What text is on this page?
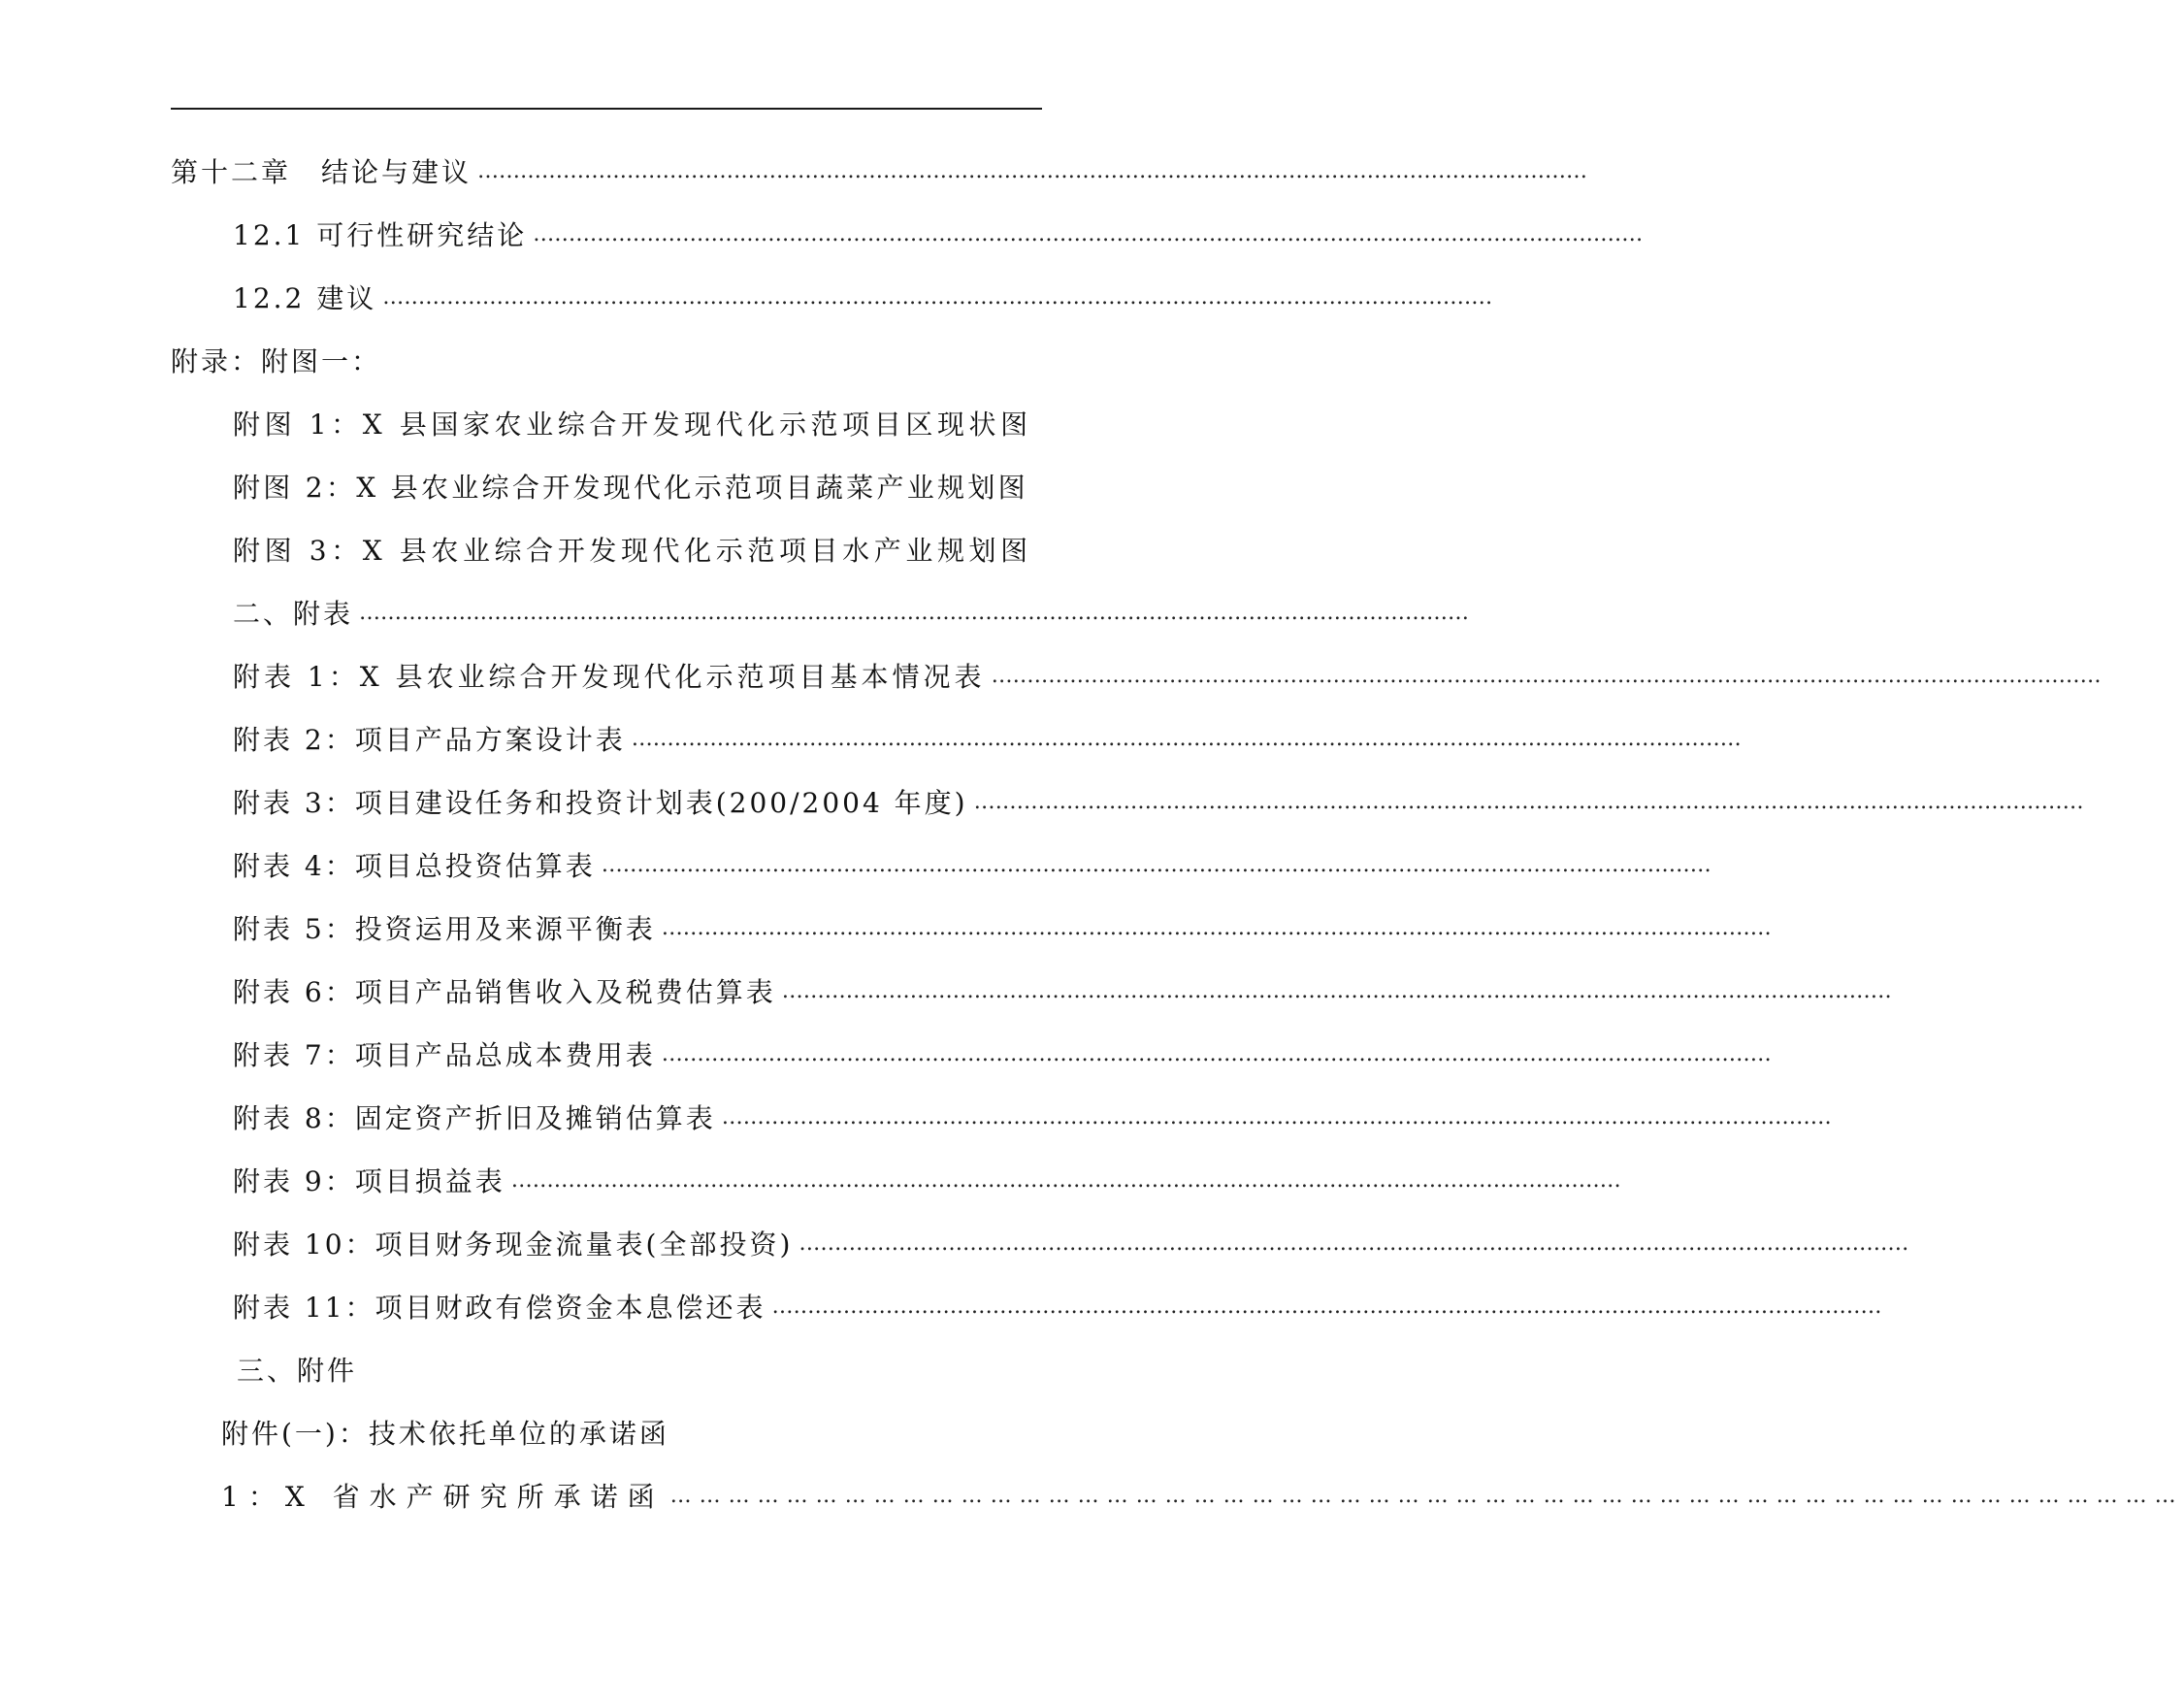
第十二章　结论与建议 …………………………………………………………………………………………………………………………………………
12.1 可行性研究结论 …………………………………………………………………………………………………………………………………………
12.2 建议 …………………………………………………………………………………………………………………………………………
附录：附图一：
附图 1：X 县国家农业综合开发现代化示范项目区现状图
附图 2：X 县农业综合开发现代化示范项目蔬菜产业规划图
附图 3：X 县农业综合开发现代化示范项目水产业规划图
二、附表 …………………………………………………………………………………………………………………………………………
附表 1：X 县农业综合开发现代化示范项目基本情况表 …………………………………………………………………………………………………………………………………………
附表 2：项目产品方案设计表 …………………………………………………………………………………………………………………………………………
附表 3：项目建设任务和投资计划表(200/2004 年度) …………………………………………………………………………………………………………………………………………
附表 4：项目总投资估算表 …………………………………………………………………………………………………………………………………………
附表 5：投资运用及来源平衡表 …………………………………………………………………………………………………………………………………………
附表 6：项目产品销售收入及税费估算表 …………………………………………………………………………………………………………………………………………
附表 7：项目产品总成本费用表 …………………………………………………………………………………………………………………………………………
附表 8：固定资产折旧及摊销估算表 …………………………………………………………………………………………………………………………………………
附表 9：项目损益表 …………………………………………………………………………………………………………………………………………
附表 10：项目财务现金流量表(全部投资) …………………………………………………………………………………………………………………………………………
附表 11：项目财政有偿资金本息偿还表 …………………………………………………………………………………………………………………………………………
三、附件
附件(一)：技术依托单位的承诺函
1：X 省水产研究所承诺函 …………………………………………………………………………………………………………………………………………
